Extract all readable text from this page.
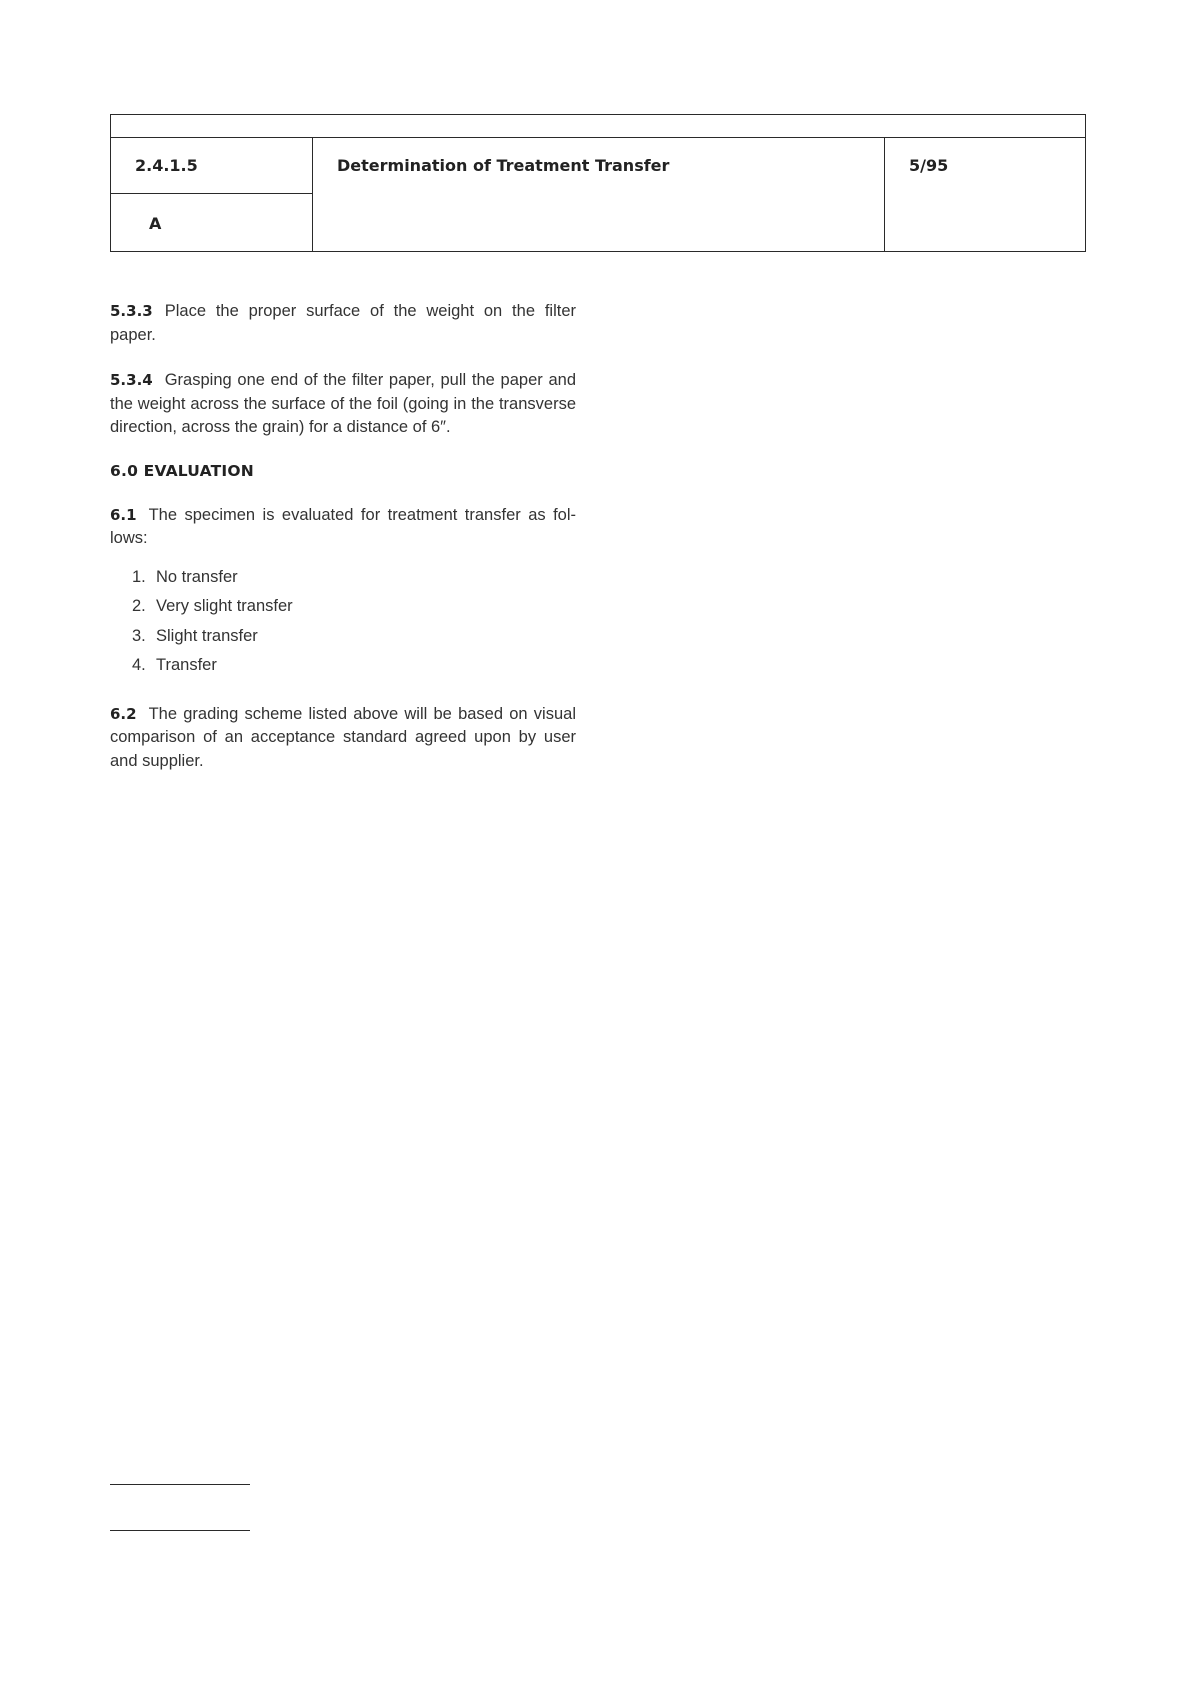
2.4.1.5
A
Determination of Treatment Transfer	5/95

5.3.3 Place the proper surface of the weight on the filter paper.

5.3.4 Grasping one end of the filter paper, pull the paper and the weight across the surface of the foil (going in the transverse direction, across the grain) for a distance of 6″.

6.0 EVALUATION

6.1 The specimen is evaluated for treatment transfer as fol-lows:

1. No transfer
2. Very slight transfer
3. Slight transfer
4. Transfer

6.2 The grading scheme listed above will be based on visual comparison of an acceptance standard agreed upon by user and supplier.
